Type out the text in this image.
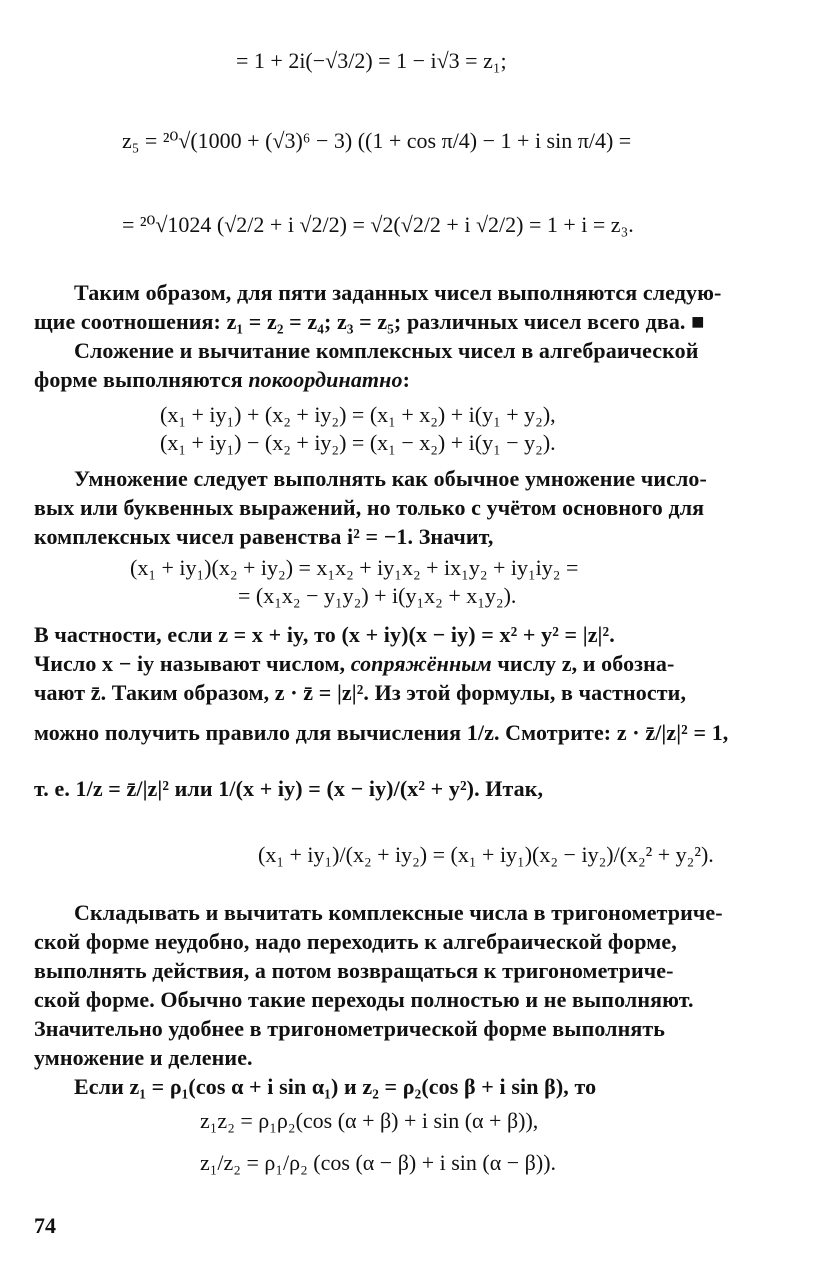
= 1 + 2i(−√3/2) = 1 − i√3 = z₁;
z₅ = ²⁰√(1000 + (√3)⁶ − 3) ((1 + cos π/4) − 1 + i sin π/4) =
= ²⁰√1024 (√2/2 + i √2/2) = √2(√2/2 + i √2/2) = 1 + i = z₃.
Таким образом, для пяти заданных чисел выполняются следую-
щие соотношения: z₁ = z₂ = z₄; z₃ = z₅; различных чисел всего два. ■
Сложение и вычитание комплексных чисел в алгебраической
форме выполняются покоординатно:
(x₁ + iy₁) + (x₂ + iy₂) = (x₁ + x₂) + i(y₁ + y₂),
(x₁ + iy₁) − (x₂ + iy₂) = (x₁ − x₂) + i(y₁ − y₂).
Умножение следует выполнять как обычное умножение числo-
вых или буквенных выражений, но только с учётом основного для
комплексных чисел равенства i² = −1. Значит,
(x₁ + iy₁)(x₂ + iy₂) = x₁x₂ + iy₁x₂ + ix₁y₂ + iy₁iy₂ =
= (x₁x₂ − y₁y₂) + i(y₁x₂ + x₁y₂).
В частности, если z = x + iy, то (x + iy)(x − iy) = x² + y² = |z|².
Число x − iy называют числом, сопряжённым числу z, и обозна-
чают z̄. Таким образом, z · z̄ = |z|². Из этой формулы, в частности,
можно получить правило для вычисления 1/z. Смотрите: z · z̄/|z|² = 1,
т. е. 1/z = z̄/|z|² или 1/(x + iy) = (x − iy)/(x² + y²). Итак,
(x₁ + iy₁)/(x₂ + iy₂) = (x₁ + iy₁)(x₂ − iy₂)/(x₂² + y₂²).
Складывать и вычитать комплексные числа в тригонометриче-
ской форме неудобно, надо переходить к алгебраической форме,
выполнять действия, а потом возвращаться к тригонометриче-
ской форме. Обычно такие переходы полностью и не выполняют.
Значительно удобнее в тригонометрической форме выполнять
умножение и деление.
Если z₁ = ρ₁(cos α + i sin α₁) и z₂ = ρ₂(cos β + i sin β), то
z₁z₂ = ρ₁ρ₂(cos (α + β) + i sin (α + β)),
z₁/z₂ = ρ₁/ρ₂ (cos (α − β) + i sin (α − β)).
74
